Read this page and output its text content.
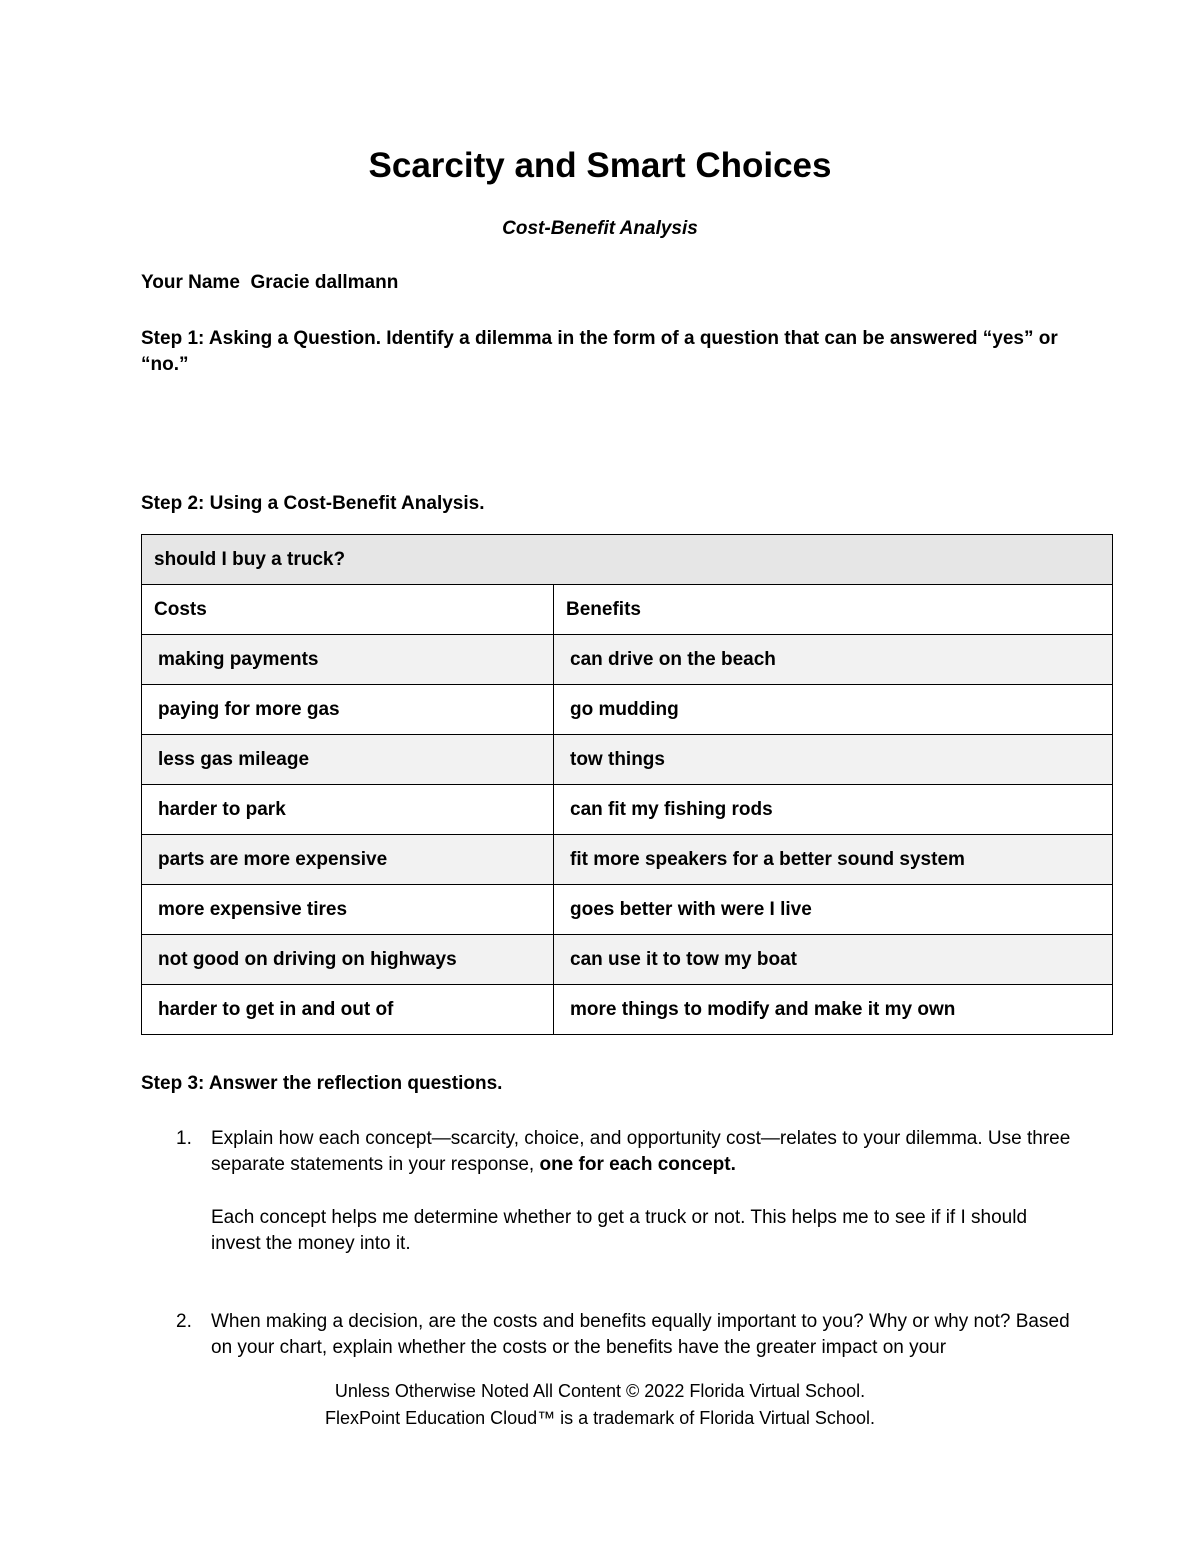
Scarcity and Smart Choices
Cost-Benefit Analysis
Your Name Gracie dallmann
Step 1: Asking a Question. Identify a dilemma in the form of a question that can be answered “yes” or “no.”
Step 2: Using a Cost-Benefit Analysis.
should I buy a truck?	
Costs	Benefits
making payments	can drive on the beach
paying for more gas	go mudding
less gas mileage	tow things
harder to park	can fit my fishing rods
parts are more expensive	fit more speakers for a better sound system
more expensive tires	goes better with were I live
not good on driving on highways	can use it to tow my boat
harder to get in and out of	more things to modify and make it my own
Step 3: Answer the reflection questions.
1. Explain how each concept—scarcity, choice, and opportunity cost—relates to your dilemma. Use three separate statements in your response, one for each concept.
Each concept helps me determine whether to get a truck or not. This helps me to see if if I should invest the money into it.
2. When making a decision, are the costs and benefits equally important to you? Why or why not? Based on your chart, explain whether the costs or the benefits have the greater impact on your
Unless Otherwise Noted All Content © 2022 Florida Virtual School.
FlexPoint Education Cloud™ is a trademark of Florida Virtual School.
